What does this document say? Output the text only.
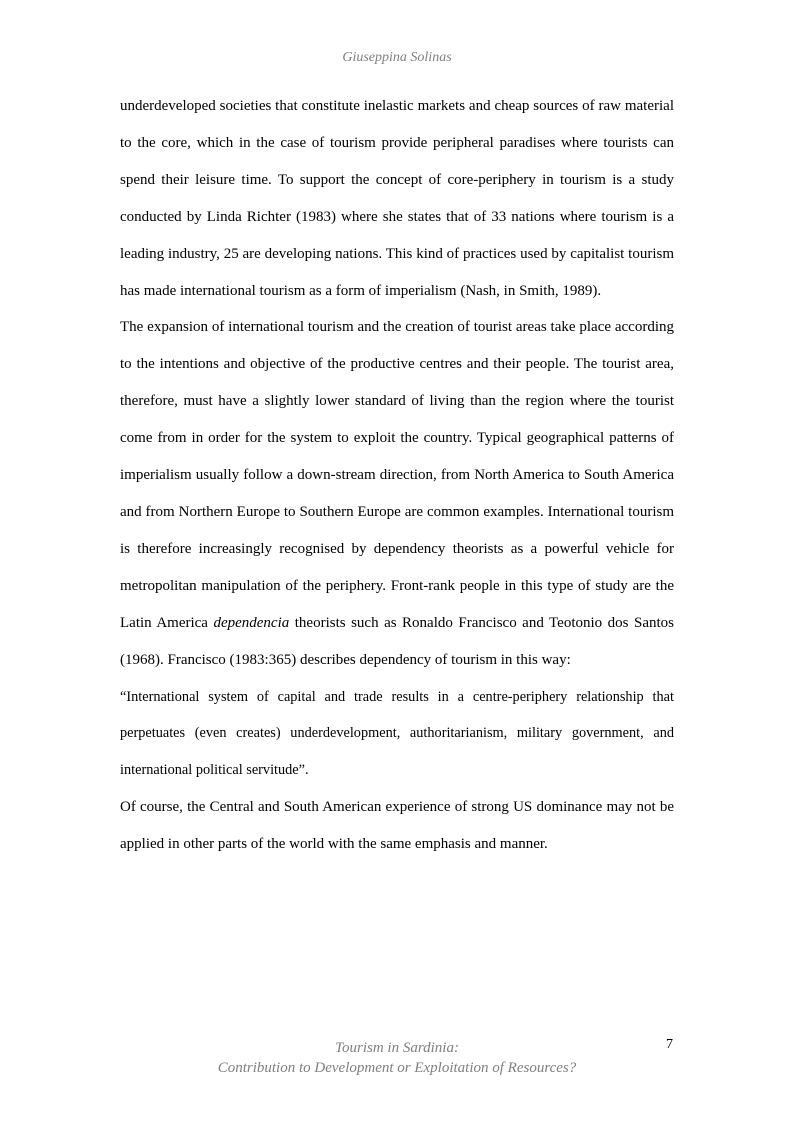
Giuseppina Solinas

underdeveloped societies that constitute inelastic markets and cheap sources of raw material to the core, which in the case of tourism provide peripheral paradises where tourists can spend their leisure time. To support the concept of core-periphery in tourism is a study conducted by Linda Richter (1983) where she states that of 33 nations where tourism is a leading industry, 25 are developing nations. This kind of practices used by capitalist tourism has made international tourism as a form of imperialism (Nash, in Smith, 1989).

The expansion of international tourism and the creation of tourist areas take place according to the intentions and objective of the productive centres and their people. The tourist area, therefore, must have a slightly lower standard of living than the region where the tourist come from in order for the system to exploit the country. Typical geographical patterns of imperialism usually follow a down-stream direction, from North America to South America and from Northern Europe to Southern Europe are common examples. International tourism is therefore increasingly recognised by dependency theorists as a powerful vehicle for metropolitan manipulation of the periphery. Front-rank people in this type of study are the Latin America dependencia theorists such as Ronaldo Francisco and Teotonio dos Santos (1968). Francisco (1983:365) describes dependency of tourism in this way:

“International system of capital and trade results in a centre-periphery relationship that perpetuates (even creates) underdevelopment, authoritarianism, military government, and international political servitude”.

Of course, the Central and South American experience of strong US dominance may not be applied in other parts of the world with the same emphasis and manner.

Tourism in Sardinia:
Contribution to Development or Exploitation of Resources?
7
